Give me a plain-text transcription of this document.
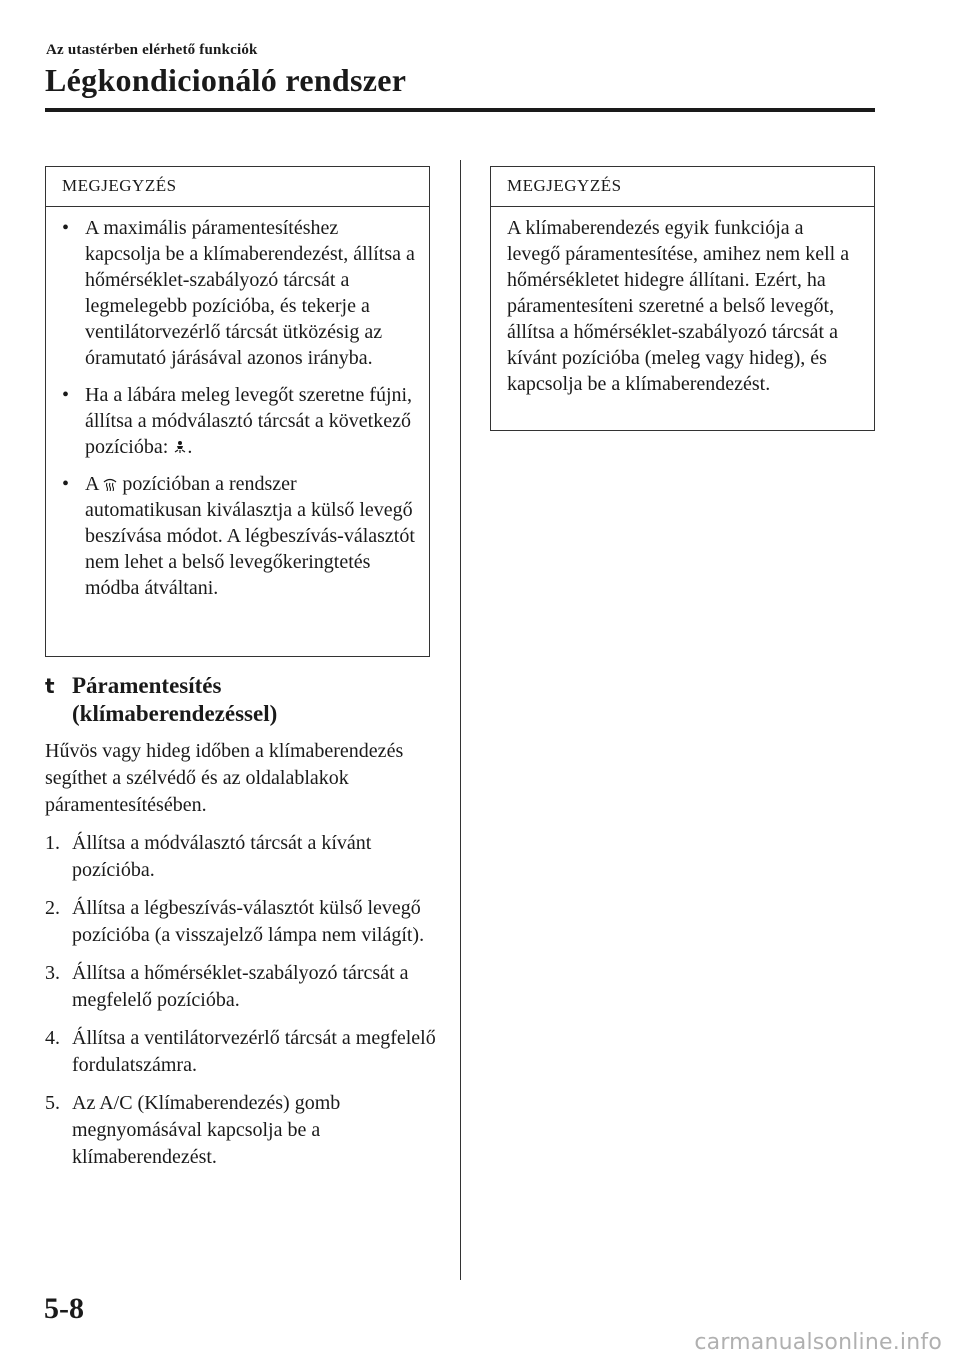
Az utastérben elérhető funkciók
Légkondicionáló rendszer
MEGJEGYZÉS
• A maximális páramentesítéshez kapcsolja be a klímaberendezést, állítsa a hőmérséklet-szabályozó tárcsát a legmelegebb pozícióba, és tekerje a ventilátorvezérlő tárcsát ütközésig az óramutató járásával azonos irányba.
• Ha a lábára meleg levegőt szeretne fújni, állítsa a módválasztó tárcsát a következő pozícióba: .
• A  pozícióban a rendszer automatikusan kiválasztja a külső levegő beszívása módot. A légbeszívás-választót nem lehet a belső levegőkeringtetés módba átváltani.
MEGJEGYZÉS

A klímaberendezés egyik funkciója a levegő páramentesítése, amihez nem kell a hőmérsékletet hidegre állítani. Ezért, ha páramentesíteni szeretné a belső levegőt, állítsa a hőmérséklet-szabályozó tárcsát a kívánt pozícióba (meleg vagy hideg), és kapcsolja be a klímaberendezést.

t Páramentesítés
(klímaberendezéssel)
Hűvös vagy hideg időben a klímaberendezés segíthet a szélvédő és az oldalablakok páramentesítésében.
1. Állítsa a módválasztó tárcsát a kívánt pozícióba.
2. Állítsa a légbeszívás-választót külső levegő pozícióba (a visszajelző lámpa nem világít).
3. Állítsa a hőmérséklet-szabályozó tárcsát a megfelelő pozícióba.
4. Állítsa a ventilátorvezérlő tárcsát a megfelelő fordulatszámra.
5. Az A/C (Klímaberendezés) gomb megnyomásával kapcsolja be a klímaberendezést.
5-8
carmanualsonline.info
